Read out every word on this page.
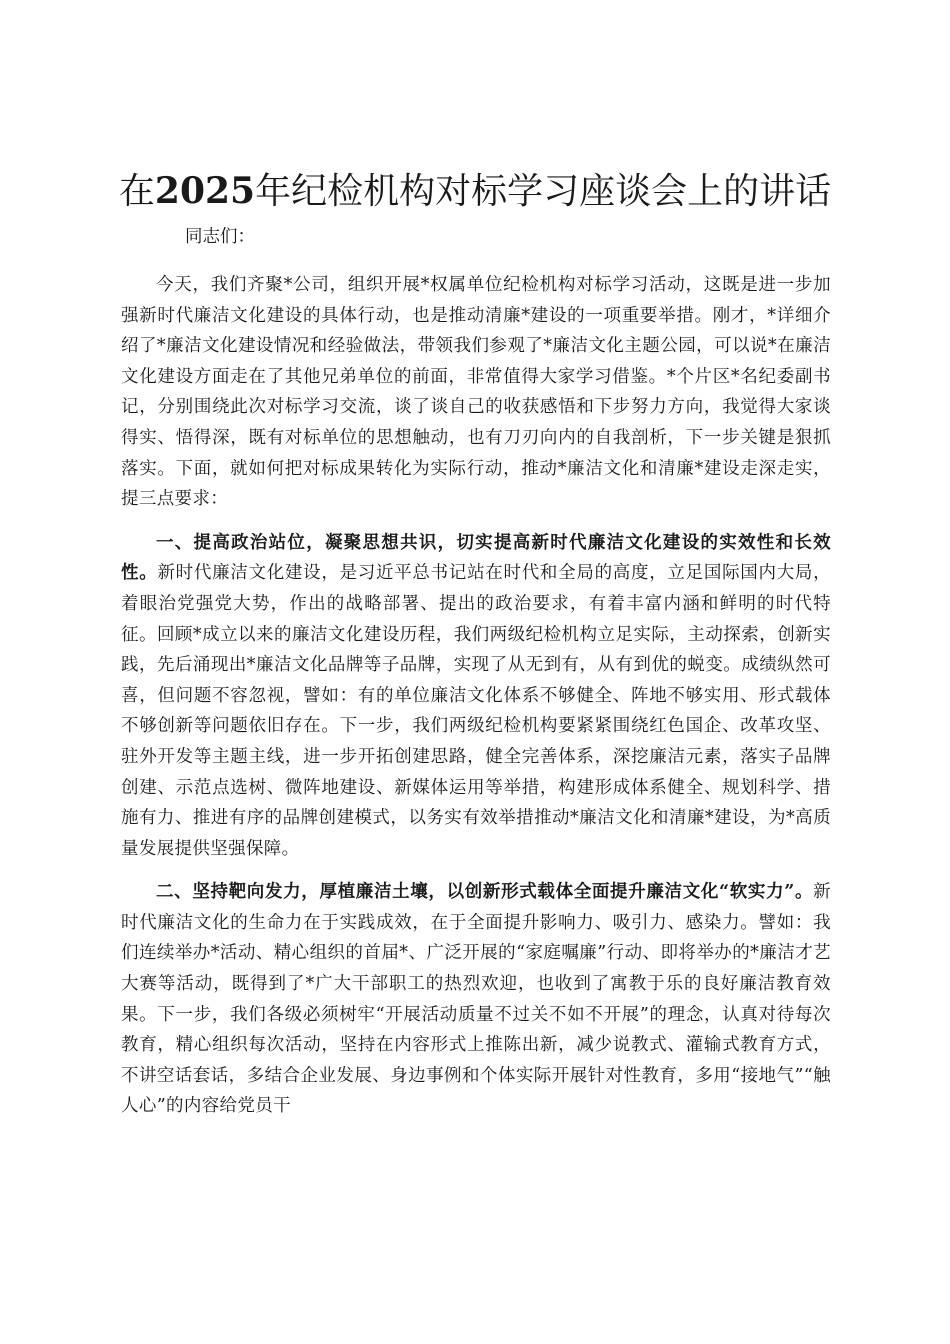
在2025年纪检机构对标学习座谈会上的讲话

同志们：

今天，我们齐聚*公司，组织开展*权属单位纪检机构对标学习活动，这既是进一步加强新时代廉洁文化建设的具体行动，也是推动清廉*建设的一项重要举措。刚才，*详细介绍了*廉洁文化建设情况和经验做法，带领我们参观了*廉洁文化主题公园，可以说*在廉洁文化建设方面走在了其他兄弟单位的前面，非常值得大家学习借鉴。*个片区*名纪委副书记，分别围绕此次对标学习交流，谈了谈自己的收获感悟和下步努力方向，我觉得大家谈得实、悟得深，既有对标单位的思想触动，也有刀刃向内的自我剖析，下一步关键是狠抓落实。下面，就如何把对标成果转化为实际行动，推动*廉洁文化和清廉*建设走深走实，提三点要求：

一、提高政治站位，凝聚思想共识，切实提高新时代廉洁文化建设的实效性和长效性。新时代廉洁文化建设，是习近平总书记站在时代和全局的高度，立足国际国内大局，着眼治党强党大势，作出的战略部署、提出的政治要求，有着丰富内涵和鲜明的时代特征。回顾*成立以来的廉洁文化建设历程，我们两级纪检机构立足实际，主动探索，创新实践，先后涌现出*廉洁文化品牌等子品牌，实现了从无到有，从有到优的蜕变。成绩纵然可喜，但问题不容忽视，譬如：有的单位廉洁文化体系不够健全、阵地不够实用、形式载体不够创新等问题依旧存在。下一步，我们两级纪检机构要紧紧围绕红色国企、改革攻坚、驻外开发等主题主线，进一步开拓创建思路，健全完善体系，深挖廉洁元素，落实子品牌创建、示范点选树、微阵地建设、新媒体运用等举措，构建形成体系健全、规划科学、措施有力、推进有序的品牌创建模式，以务实有效举措推动*廉洁文化和清廉*建设，为*高质量发展提供坚强保障。

二、坚持靶向发力，厚植廉洁土壤，以创新形式载体全面提升廉洁文化“软实力”。新时代廉洁文化的生命力在于实践成效，在于全面提升影响力、吸引力、感染力。譬如：我们连续举办*活动、精心组织的首届*、广泛开展的“家庭嘱廉”行动、即将举办的*廉洁才艺大赛等活动，既得到了*广大干部职工的热烈欢迎，也收到了寓教于乐的良好廉洁教育效果。下一步，我们各级必须树牢“开展活动质量不过关不如不开展”的理念，认真对待每次教育，精心组织每次活动，坚持在内容形式上推陈出新，减少说教式、灌输式教育方式，不讲空话套话，多结合企业发展、身边事例和个体实际开展针对性教育，多用“接地气”“触人心”的内容给党员干
